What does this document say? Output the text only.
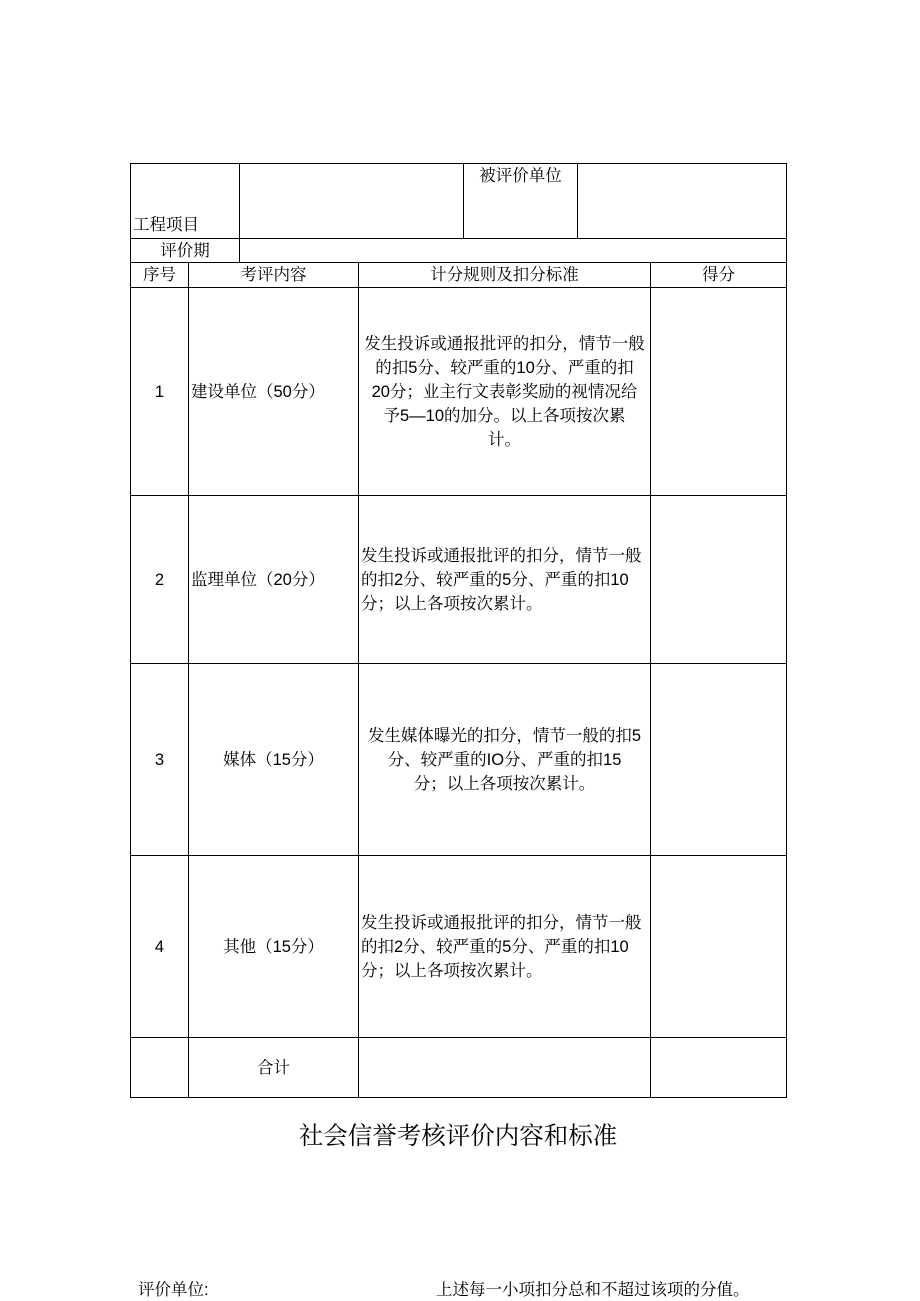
工程项目				被评价单位		
评价期						
序号	考评内容		计分规则及扣分标准			得分
1	建设单位（50分）		发生投诉或通报批评的扣分，情节一般
的扣5分、较严重的10分、严重的扣
20分；业主行文表彰奖励的视情况给
予5—10的加分。以上各项按次累
计。			

2	监理单位（20分）		发生投诉或通报批评的扣分，情节一般
的扣2分、较严重的5分、严重的扣10
分；以上各项按次累计。			

3	媒体（15分）		发生媒体曝光的扣分，情节一般的扣5
分、较严重的IO分、严重的扣15
分；以上各项按次累计。			

4	其他（15分）		发生投诉或通报批评的扣分，情节一般
的扣2分、较严重的5分、严重的扣10
分；以上各项按次累计。			

	合计					
社会信誉考核评价内容和标准
评价单位:	上述每一小项扣分总和不超过该项的分值。
